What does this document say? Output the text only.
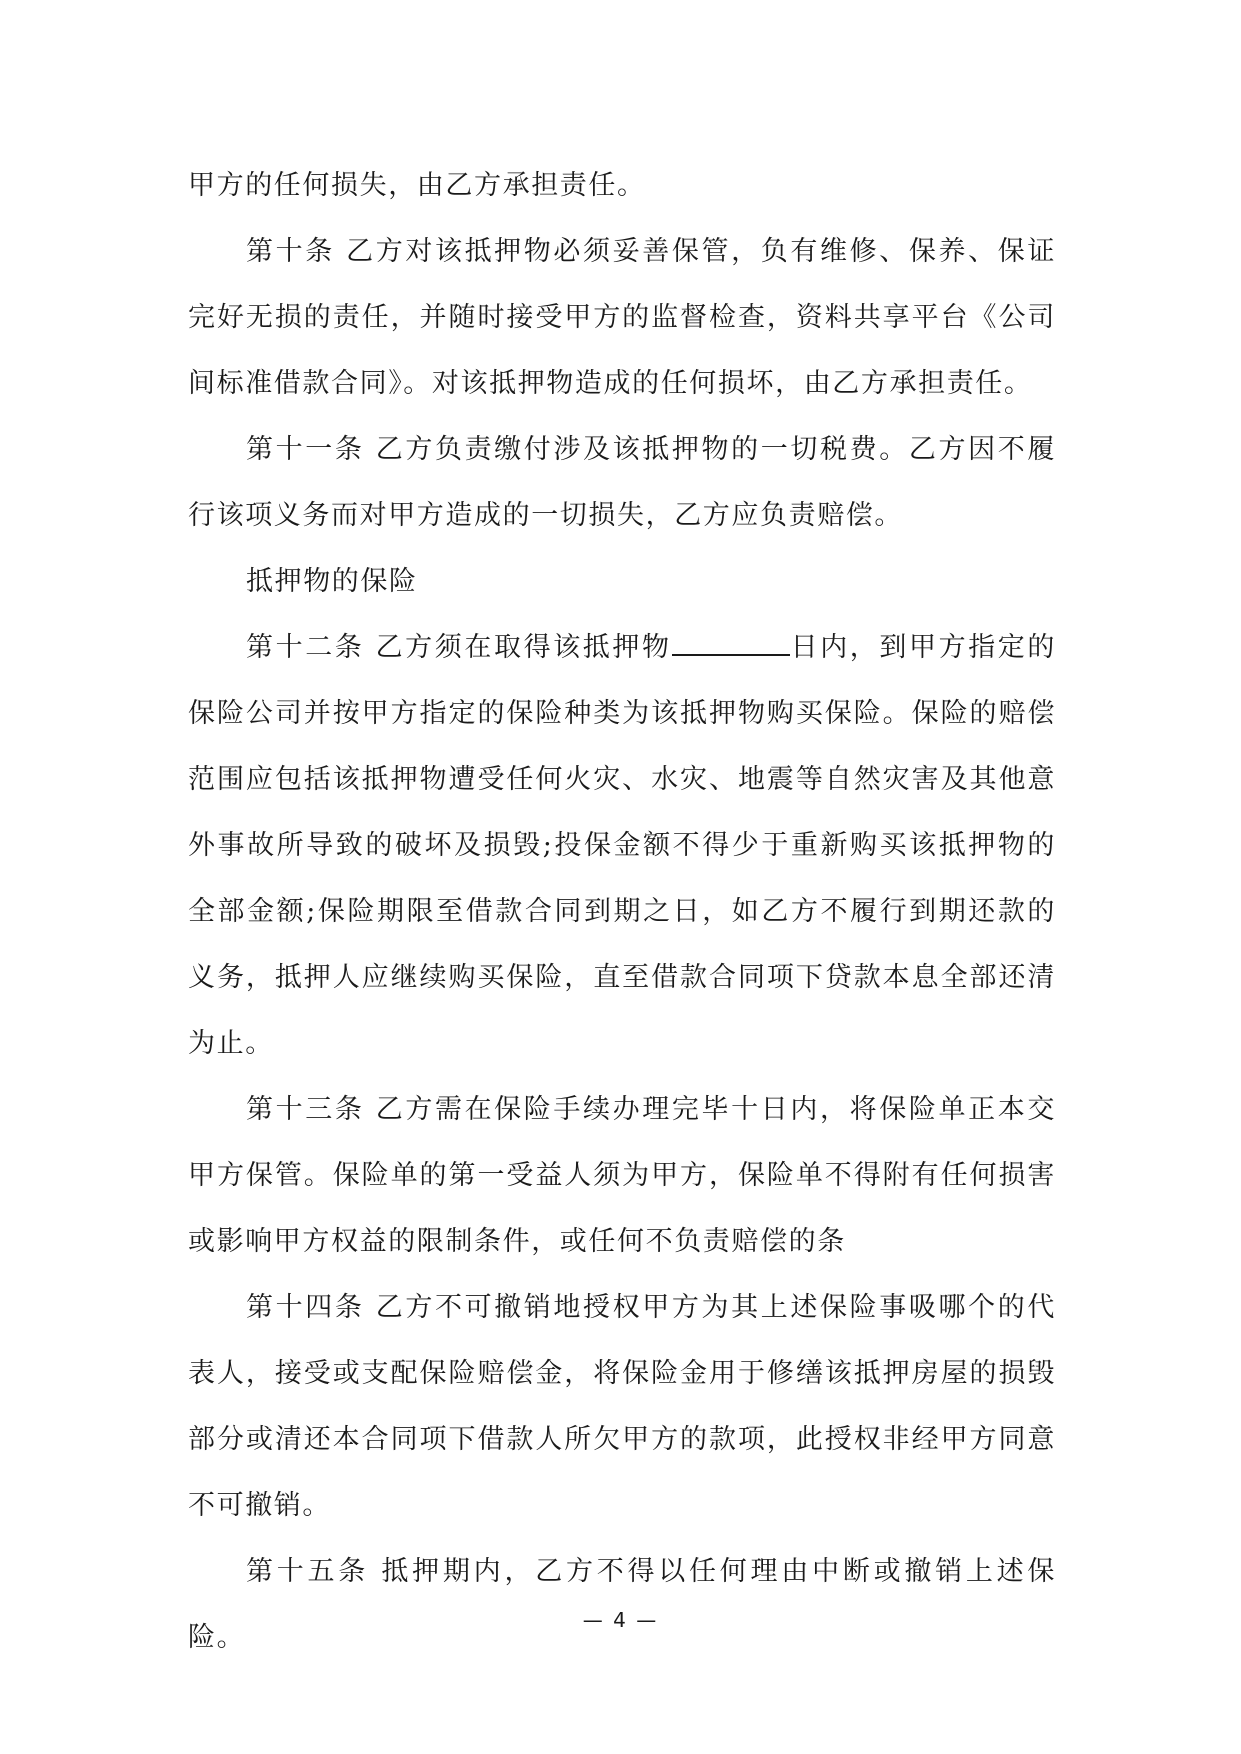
甲方的任何损失，由乙方承担责任。

第十条 乙方对该抵押物必须妥善保管，负有维修、保养、保证完好无损的责任，并随时接受甲方的监督检查，资料共享平台《公司间标准借款合同》。对该抵押物造成的任何损坏，由乙方承担责任。

第十一条 乙方负责缴付涉及该抵押物的一切税费。乙方因不履行该项义务而对甲方造成的一切损失，乙方应负责赔偿。

抵押物的保险

第十二条 乙方须在取得该抵押物	日内，到甲方指定的保险公司并按甲方指定的保险种类为该抵押物购买保险。保险的赔偿范围应包括该抵押物遭受任何火灾、水灾、地震等自然灾害及其他意外事故所导致的破坏及损毁;投保金额不得少于重新购买该抵押物的全部金额;保险期限至借款合同到期之日，如乙方不履行到期还款的义务，抵押人应继续购买保险，直至借款合同项下贷款本息全部还清为止。

第十三条 乙方需在保险手续办理完毕十日内，将保险单正本交甲方保管。保险单的第一受益人须为甲方，保险单不得附有任何损害或影响甲方权益的限制条件，或任何不负责赔偿的条

第十四条 乙方不可撤销地授权甲方为其上述保险事吸哪个的代表人，接受或支配保险赔偿金，将保险金用于修缮该抵押房屋的损毁部分或清还本合同项下借款人所欠甲方的款项，此授权非经甲方同意不可撤销。

第十五条 抵押期内，乙方不得以任何理由中断或撤销上述保险。

— 4 —
